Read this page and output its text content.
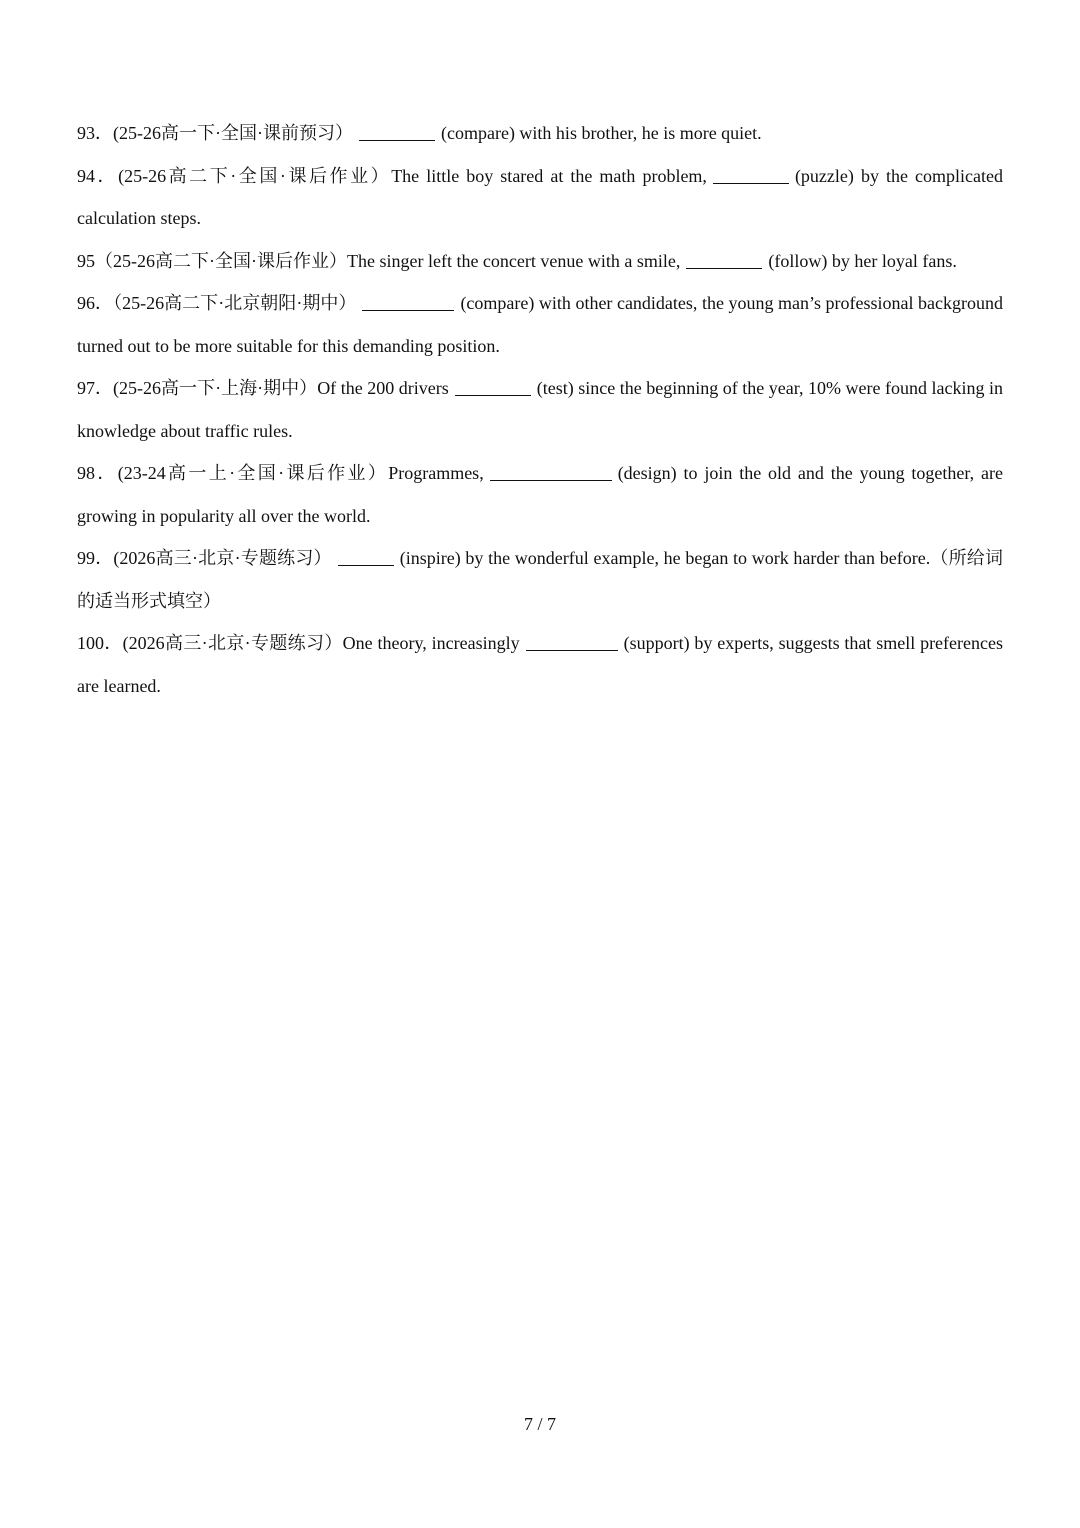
93．(25-26高一下·全国·课前预习）	(compare) with his brother, he is more quiet.

94．(25-26高二下·全国·课后作业）The little boy stared at the math problem,	(puzzle) by the complicated calculation steps.

95（25-26高二下·全国·课后作业）The singer left the concert venue with a smile,	(follow) by her loyal fans.

96．（25-26高二下·北京朝阳·期中）	(compare) with other candidates, the young man’s professional background turned out to be more suitable for this demanding position.

97．(25-26高一下·上海·期中）Of the 200 drivers	(test) since the beginning of the year, 10% were found lacking in knowledge about traffic rules.

98．(23-24高一上·全国·课后作业）Programmes,	(design) to join the old and the young together, are growing in popularity all over the world.

99．(2026高三·北京·专题练习）	(inspire) by the wonderful example, he began to work harder than before.（所给词的适当形式填空）

100．(2026高三·北京·专题练习）One theory, increasingly	(support) by experts, suggests that smell preferences are learned.

7 / 7
